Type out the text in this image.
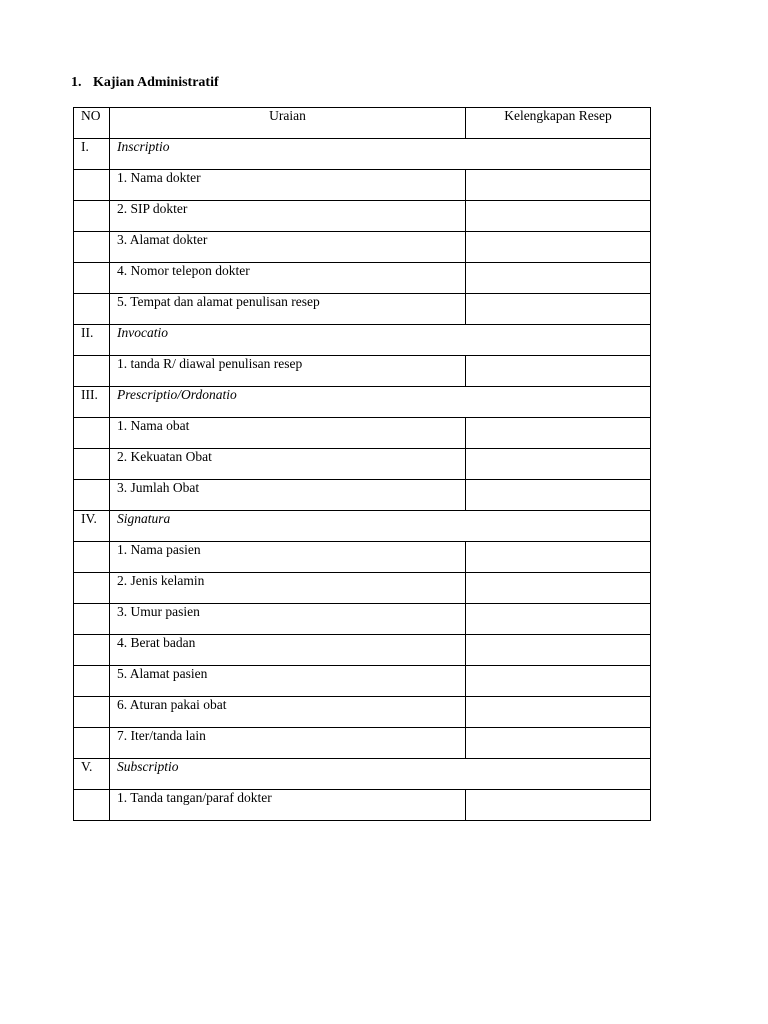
1. Kajian Administratif
NO	Uraian	Kelengkapan Resep

I.	Inscriptio	

	1. Nama dokter	

	2. SIP dokter	

	3. Alamat dokter	

	4. Nomor telepon dokter	

	5. Tempat dan alamat penulisan resep	

II.	Invocatio	

	1. tanda R/ diawal penulisan resep	

III.	Prescriptio/Ordonatio	

	1. Nama obat	

	2. Kekuatan Obat	

	3. Jumlah Obat	

IV.	Signatura	

	1. Nama pasien	

	2. Jenis kelamin	

	3. Umur pasien	

	4. Berat badan	

	5. Alamat pasien	

	6. Aturan pakai obat	

	7. Iter/tanda lain	

V.	Subscriptio	

	1. Tanda tangan/paraf dokter	
